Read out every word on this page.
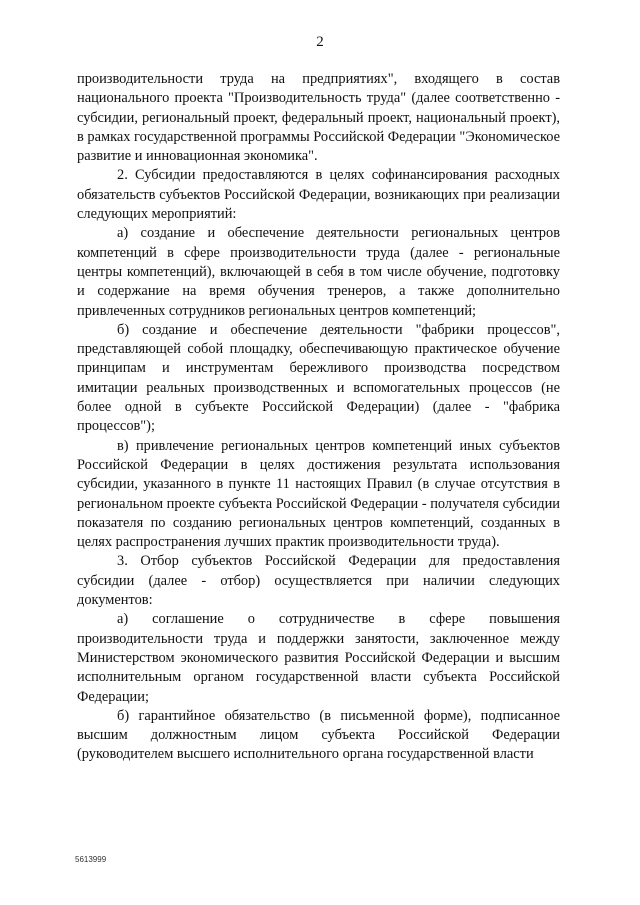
2

производительности труда на предприятиях", входящего в состав национального проекта "Производительность труда" (далее соответственно - субсидии, региональный проект, федеральный проект, национальный проект), в рамках государственной программы Российской Федерации "Экономическое развитие и инновационная экономика".

2. Субсидии предоставляются в целях софинансирования расходных обязательств субъектов Российской Федерации, возникающих при реализации следующих мероприятий:

а) создание и обеспечение деятельности региональных центров компетенций в сфере производительности труда (далее - региональные центры компетенций), включающей в себя в том числе обучение, подготовку и содержание на время обучения тренеров, а также дополнительно привлеченных сотрудников региональных центров компетенций;

б) создание и обеспечение деятельности "фабрики процессов", представляющей собой площадку, обеспечивающую практическое обучение принципам и инструментам бережливого производства посредством имитации реальных производственных и вспомогательных процессов (не более одной в субъекте Российской Федерации) (далее - "фабрика процессов");

в) привлечение региональных центров компетенций иных субъектов Российской Федерации в целях достижения результата использования субсидии, указанного в пункте 11 настоящих Правил (в случае отсутствия в региональном проекте субъекта Российской Федерации - получателя субсидии показателя по созданию региональных центров компетенций, созданных в целях распространения лучших практик производительности труда).

3. Отбор субъектов Российской Федерации для предоставления субсидии (далее - отбор) осуществляется при наличии следующих документов:

а) соглашение о сотрудничестве в сфере повышения производительности труда и поддержки занятости, заключенное между Министерством экономического развития Российской Федерации и высшим исполнительным органом государственной власти субъекта Российской Федерации;

б) гарантийное обязательство (в письменной форме), подписанное высшим должностным лицом субъекта Российской Федерации (руководителем высшего исполнительного органа государственной власти

5613999
